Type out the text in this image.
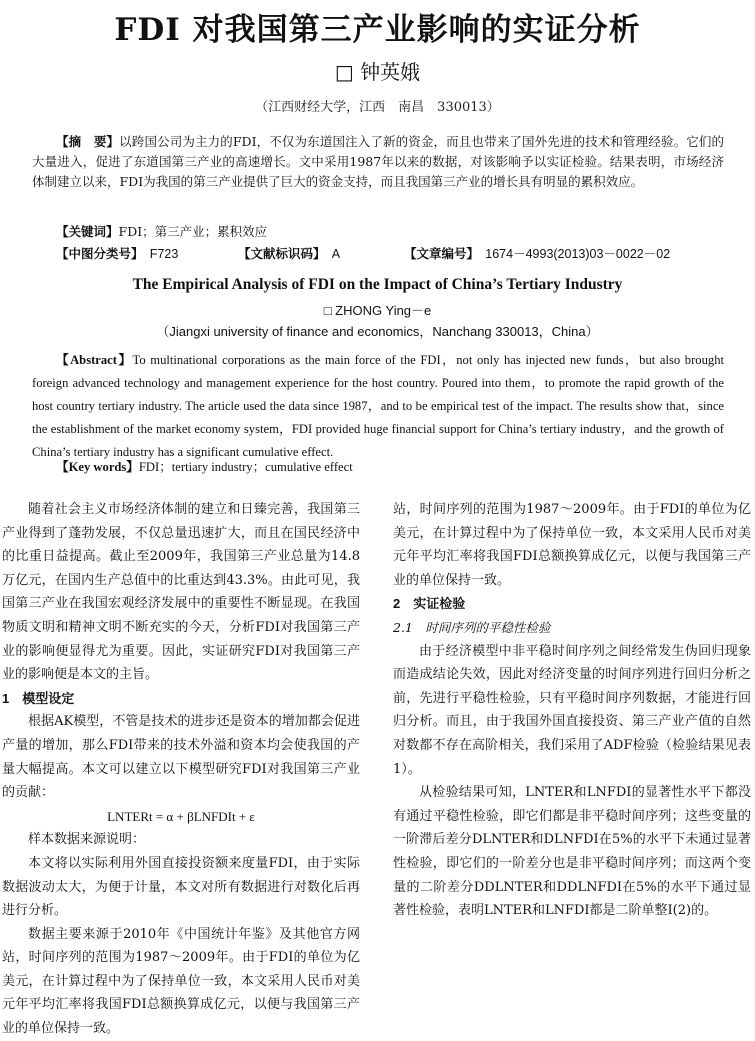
FDI 对我国第三产业影响的实证分析
□ 钟英娥
（江西财经大学，江西　南昌　330013）
【摘　要】以跨国公司为主力的FDI，不仅为东道国注入了新的资金，而且也带来了国外先进的技术和管理经验。它们的大量进入，促进了东道国第三产业的高速增长。文中采用1987年以来的数据，对该影响予以实证检验。结果表明，市场经济体制建立以来，FDI为我国的第三产业提供了巨大的资金支持，而且我国第三产业的增长具有明显的累积效应。
【关键词】FDI；第三产业；累积效应
【中图分类号】　 F723	【文献标识码】　 A	【文章编号】　 1674－4993(2013)03－0022－02
The Empirical Analysis of FDI on the Impact of China’s Tertiary Industry
□ ZHONG Ying－e
（Jiangxi university of finance and economics，Nanchang 330013，China）
【Abstract】To multinational corporations as the main force of the FDI，not only has injected new funds，but also brought foreign advanced technology and management experience for the host country. Poured into them，to promote the rapid growth of the host country tertiary industry. The article used the data since 1987，and to be empirical test of the impact. The results show that，since the establishment of the market economy system，FDI provided huge financial support for China’s tertiary industry，and the growth of China’s tertiary industry has a significant cumulative effect.
【Key words】FDI；tertiary industry；cumulative effect

随着社会主义市场经济体制的建立和日臻完善，我国第三产业得到了蓬勃发展，不仅总量迅速扩大，而且在国民经济中的比重日益提高。截止至2009年，我国第三产业总量为14.8万亿元，在国内生产总值中的比重达到43.3%。由此可见，我国第三产业在我国宏观经济发展中的重要性不断显现。在我国物质文明和精神文明不断充实的今天，分析FDI对我国第三产业的影响便显得尤为重要。因此，实证研究FDI对我国第三产业的影响便是本文的主旨。

1　模型设定

根据AK模型，不管是技术的进步还是资本的增加都会促进产量的增加，那么FDI带来的技术外溢和资本均会使我国的产量大幅提高。本文可以建立以下模型研究FDI对我国第三产业的贡献：

LNTERt = α + βLNFDIt + ε

样本数据来源说明：

本文将以实际利用外国直接投资额来度量FDI，由于实际数据波动太大，为便于计量，本文对所有数据进行对数化后再进行分析。

数据主要来源于2010年《中国统计年鉴》及其他官方网站，时间序列的范围为1987～2009年。由于FDI的单位为亿美元，在计算过程中为了保持单位一致，本文采用人民币对美元年平均汇率将我国FDI总额换算成亿元，以便与我国第三产业的单位保持一致。

站，时间序列的范围为1987～2009年。由于FDI的单位为亿美元，在计算过程中为了保持单位一致，本文采用人民币对美元年平均汇率将我国FDI总额换算成亿元，以便与我国第三产业的单位保持一致。

2　实证检验
2.1　时间序列的平稳性检验

由于经济模型中非平稳时间序列之间经常发生伪回归现象而造成结论失效，因此对经济变量的时间序列进行回归分析之前，先进行平稳性检验，只有平稳时间序列数据，才能进行回归分析。而且，由于我国外国直接投资、第三产业产值的自然对数都不存在高阶相关，我们采用了ADF检验（检验结果见表1）。

从检验结果可知，LNTER和LNFDI的显著性水平下都没有通过平稳性检验，即它们都是非平稳时间序列；这些变量的一阶滞后差分DLNTER和DLNFDI在5%的水平下未通过显著性检验，即它们的一阶差分也是非平稳时间序列；而这两个变量的二阶差分DDLNTER和DDLNFDI在5%的水平下通过显著性检验，表明LNTER和LNFDI都是二阶单整I(2)的。
